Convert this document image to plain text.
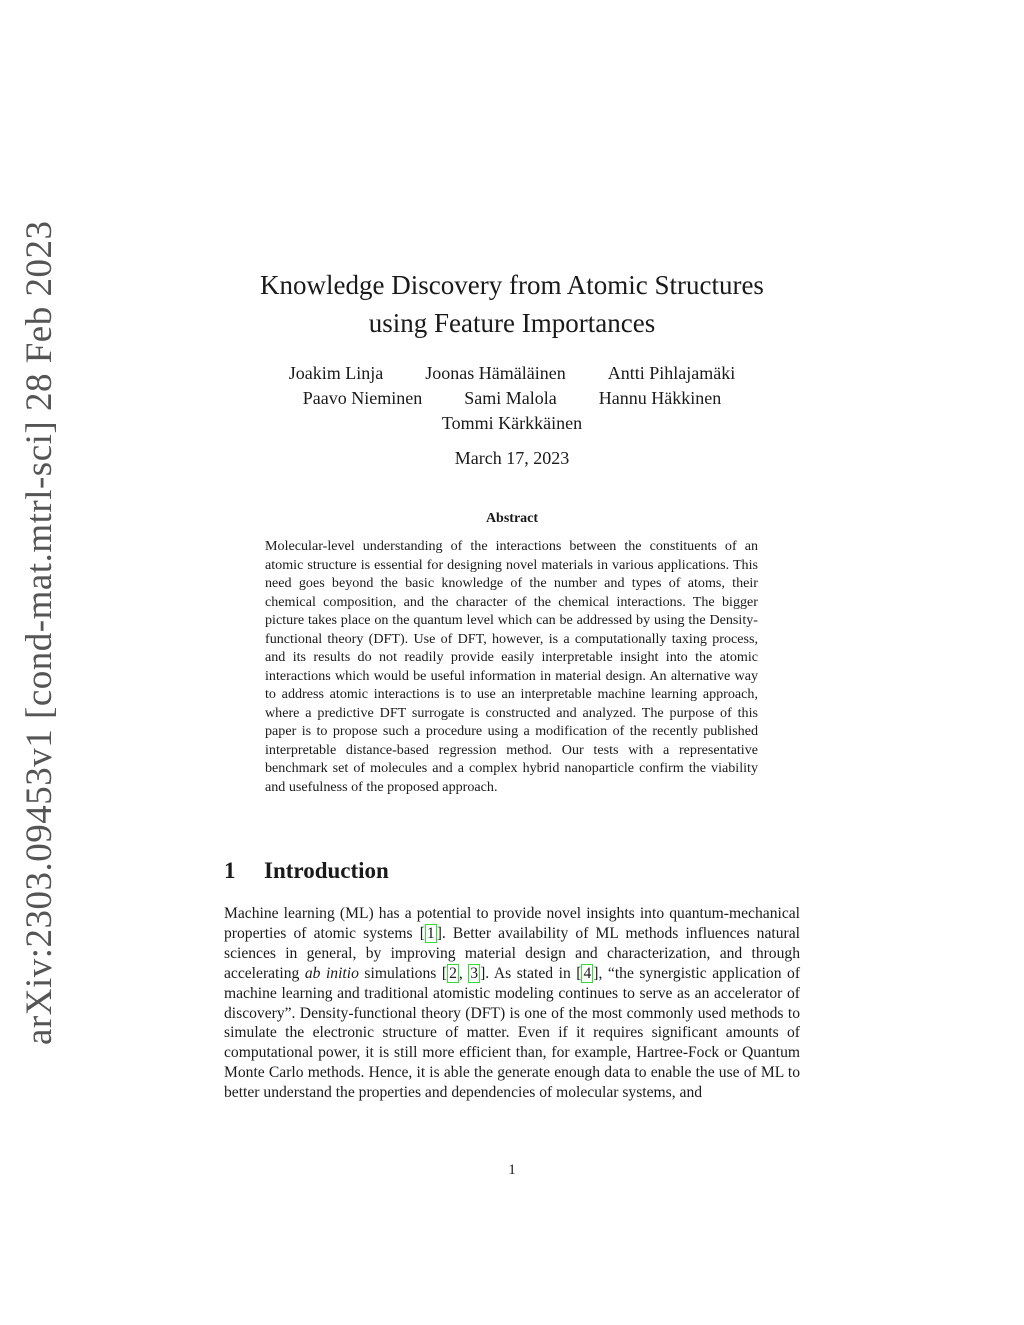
arXiv:2303.09453v1 [cond-mat.mtrl-sci] 28 Feb 2023	Knowledge Discovery from Atomic Structures
using Feature Importances
Joakim Linja Joonas Hämäläinen Antti Pihlajamäki
Paavo Nieminen Sami Malola Hannu Häkkinen
Tommi Kärkkäinen
March 17, 2023
Abstract
Molecular-level understanding of the interactions between the constituents of an atomic structure is essential for designing novel materials in various applications. This need goes beyond the basic knowledge of the number and types of atoms, their chemical composition, and the character of the chemical interactions. The bigger picture takes place on the quantum level which can be addressed by using the Density-functional theory (DFT). Use of DFT, however, is a computationally taxing process, and its results do not readily provide easily interpretable insight into the atomic interactions which would be useful information in material design. An alternative way to address atomic interactions is to use an interpretable machine learning approach, where a predictive DFT surrogate is constructed and analyzed. The purpose of this paper is to propose such a procedure using a modification of the recently published interpretable distance-based regression method. Our tests with a representative benchmark set of molecules and a complex hybrid nanoparticle confirm the viability and usefulness of the proposed approach.
1 Introduction
Machine learning (ML) has a potential to provide novel insights into quantum-mechanical properties of atomic systems [ 1 ]. Better availability of ML methods influences natural sciences in general, by improving material design and characterization, and through accelerating ab initio simulations [ 2 , 3 ]. As stated in [ 4 ], “the synergistic application of machine learning and traditional atomistic modeling continues to serve as an accelerator of discovery”. Density-functional theory (DFT) is one of the most commonly used methods to simulate the electronic structure of matter. Even if it requires significant amounts of computational power, it is still more efficient than, for example, Hartree-Fock or Quantum Monte Carlo methods. Hence, it is able the generate enough data to enable the use of ML to better understand the properties and dependencies of molecular systems, and
1
